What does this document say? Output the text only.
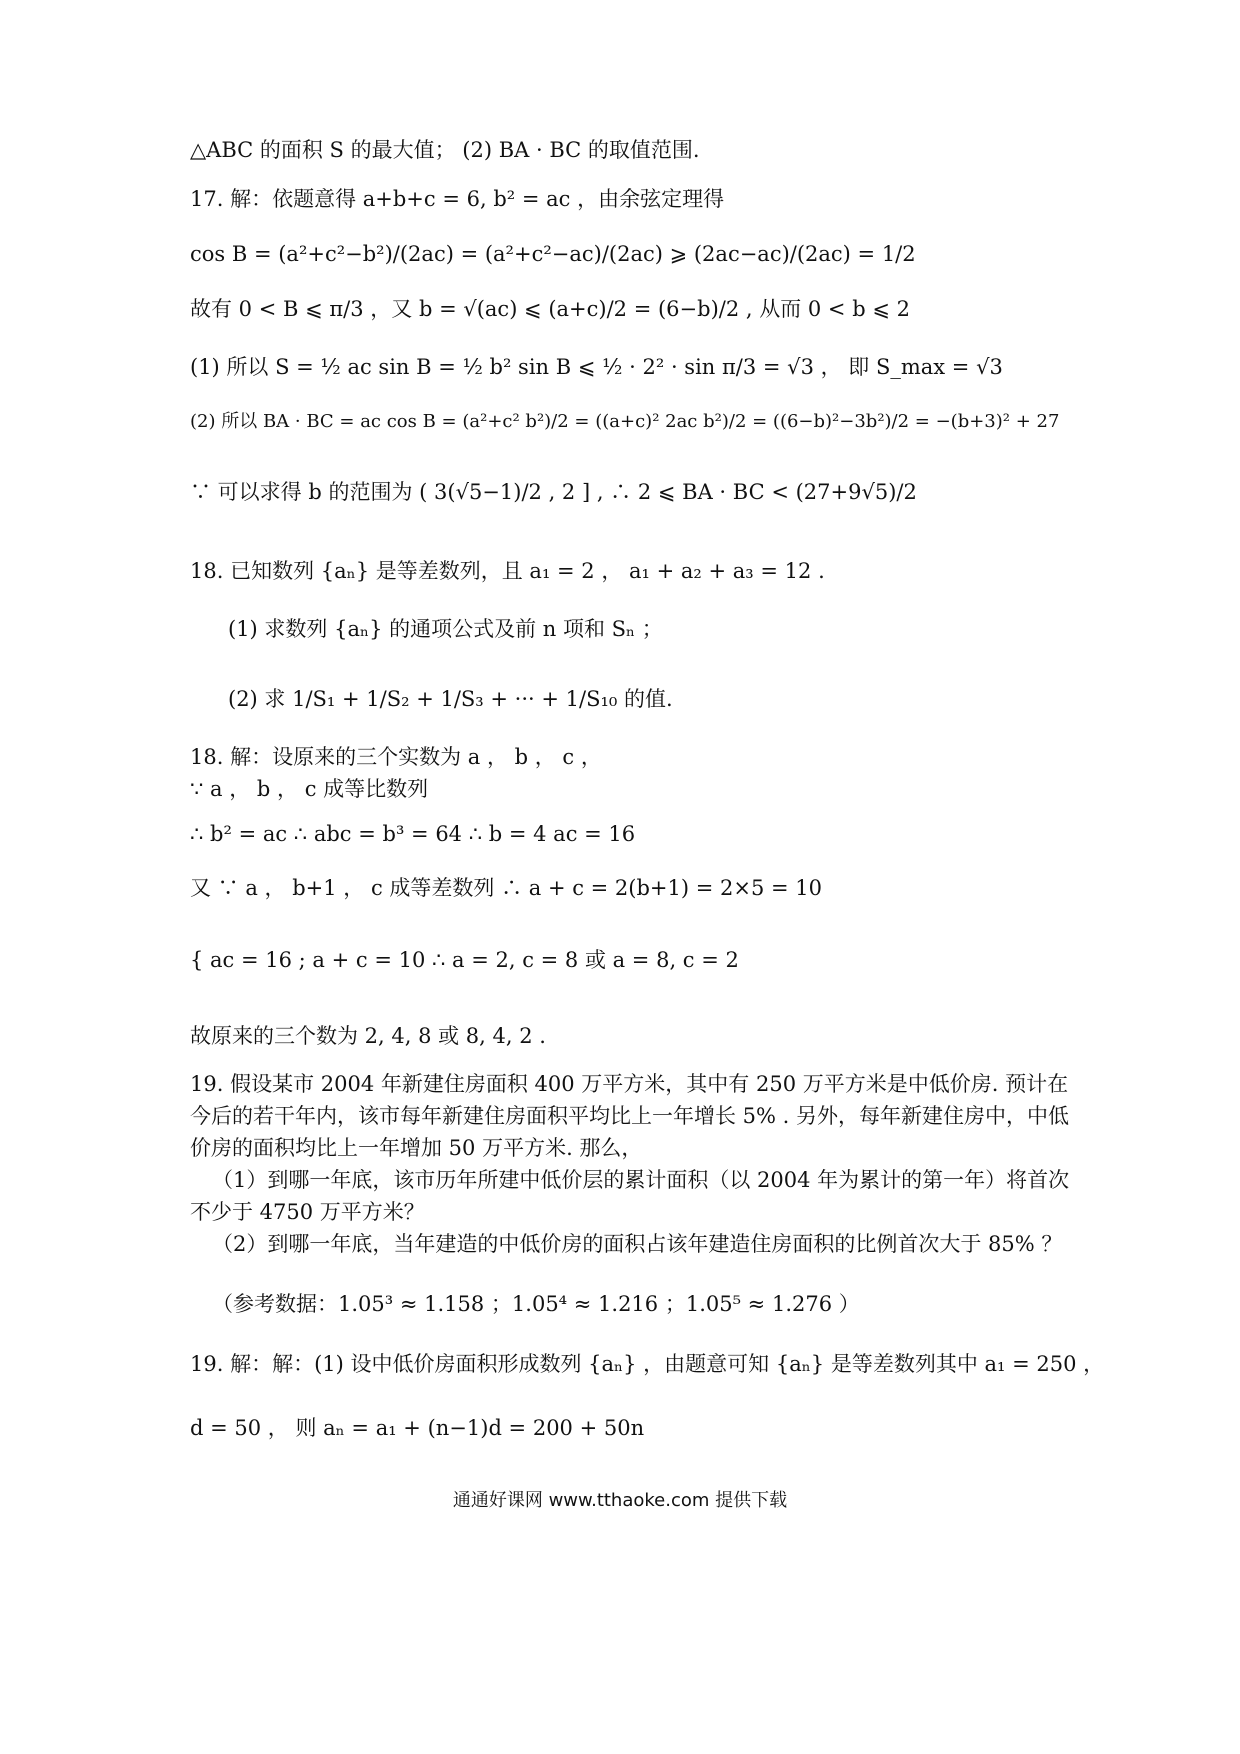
△ABC 的面积 S 的最大值； (2) BA · BC 的取值范围.
17. 解：依题意得 a+b+c = 6, b² = ac ，由余弦定理得
cos B = (a²+c²−b²)/(2ac) = (a²+c²−ac)/(2ac) ⩾ (2ac−ac)/(2ac) = 1/2
故有 0 < B ⩽ π/3 ，又 b = √(ac) ⩽ (a+c)/2 = (6−b)/2 , 从而 0 < b ⩽ 2
(1) 所以 S = ½ ac sin B = ½ b² sin B ⩽ ½ · 2² · sin π/3 = √3 ， 即 S_max = √3
(2) 所以 BA · BC = ac cos B = (a²+c² b²)/2 = ((a+c)² 2ac b²)/2 = ((6−b)²−3b²)/2 = −(b+3)² + 27
∵ 可以求得 b 的范围为 ( 3(√5−1)/2 , 2 ] , ∴ 2 ⩽ BA · BC < (27+9√5)/2
18. 已知数列 {aₙ} 是等差数列，且 a₁ = 2 ， a₁ + a₂ + a₃ = 12 .
(1) 求数列 {aₙ} 的通项公式及前 n 项和 Sₙ ；
(2) 求 1/S₁ + 1/S₂ + 1/S₃ + ··· + 1/S₁₀ 的值.
18. 解：设原来的三个实数为 a ， b ， c ，
∵ a ， b ， c 成等比数列
∴ b² = ac ∴ abc = b³ = 64 ∴ b = 4 ac = 16
又 ∵ a ， b+1 ， c 成等差数列 ∴ a + c = 2(b+1) = 2×5 = 10
{ ac = 16 ; a + c = 10 ∴ a = 2, c = 8 或 a = 8, c = 2
故原来的三个数为 2, 4, 8 或 8, 4, 2 .
19. 假设某市 2004 年新建住房面积 400 万平方米，其中有 250 万平方米是中低价房. 预计在今后的若干年内，该市每年新建住房面积平均比上一年增长 5% . 另外，每年新建住房中，中低价房的面积均比上一年增加 50 万平方米. 那么，
（1）到哪一年底，该市历年所建中低价层的累计面积（以 2004 年为累计的第一年）将首次不少于 4750 万平方米？
（2）到哪一年底，当年建造的中低价房的面积占该年建造住房面积的比例首次大于 85% ？
（参考数据：1.05³ ≈ 1.158 ；1.05⁴ ≈ 1.216 ；1.05⁵ ≈ 1.276 ）
19. 解：解：(1) 设中低价房面积形成数列 {aₙ} ，由题意可知 {aₙ} 是等差数列其中 a₁ = 250 ，
d = 50 ， 则 aₙ = a₁ + (n−1)d = 200 + 50n
通通好课网 www.tthaoke.com 提供下载
